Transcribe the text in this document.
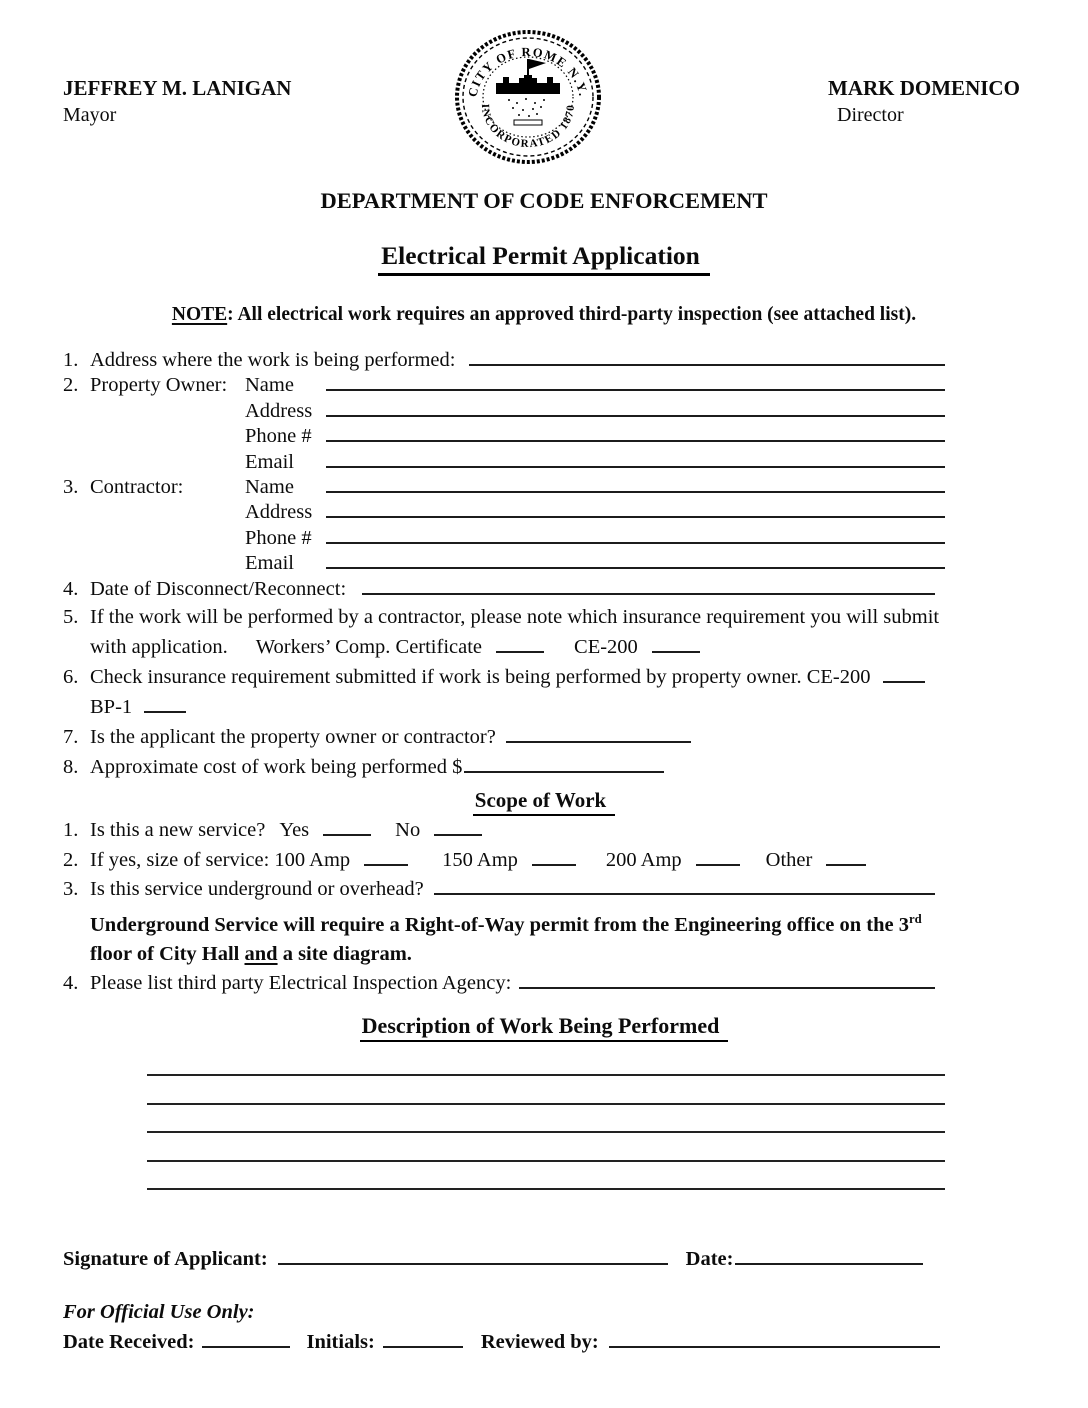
JEFFREY M. LANIGAN
Mayor
CITY OF ROME N.Y.
INCORPORATED 1870
MARK DOMENICO
Director
DEPARTMENT OF CODE ENFORCEMENT
Electrical Permit Application
NOTE: All electrical work requires an approved third-party inspection (see attached list).
1. Address where the work is being performed:
2. Property Owner: Name
Address
Phone #
Email
3. Contractor:	Name
Address
Phone #
Email
4. Date of Disconnect/Reconnect:
5. If the work will be performed by a contractor, please note which insurance requirement you will submit
with application. Workers’ Comp. Certificate	CE-200
6. Check insurance requirement submitted if work is being performed by property owner. CE-200
BP-1
7. Is the applicant the property owner or contractor?
8. Approximate cost of work being performed $
Scope of Work
1. Is this a new service? Yes	No
2. If yes, size of service: 100 Amp	150 Amp	200 Amp	Other
3. Is this service underground or overhead?
Underground Service will require a Right-of-Way permit from the Engineering office on the 3rd
floor of City Hall and a site diagram.
4. Please list third party Electrical Inspection Agency:
Description of Work Being Performed
Signature of Applicant:	Date:
For Official Use Only:
Date Received:	Initials:	Reviewed by:
